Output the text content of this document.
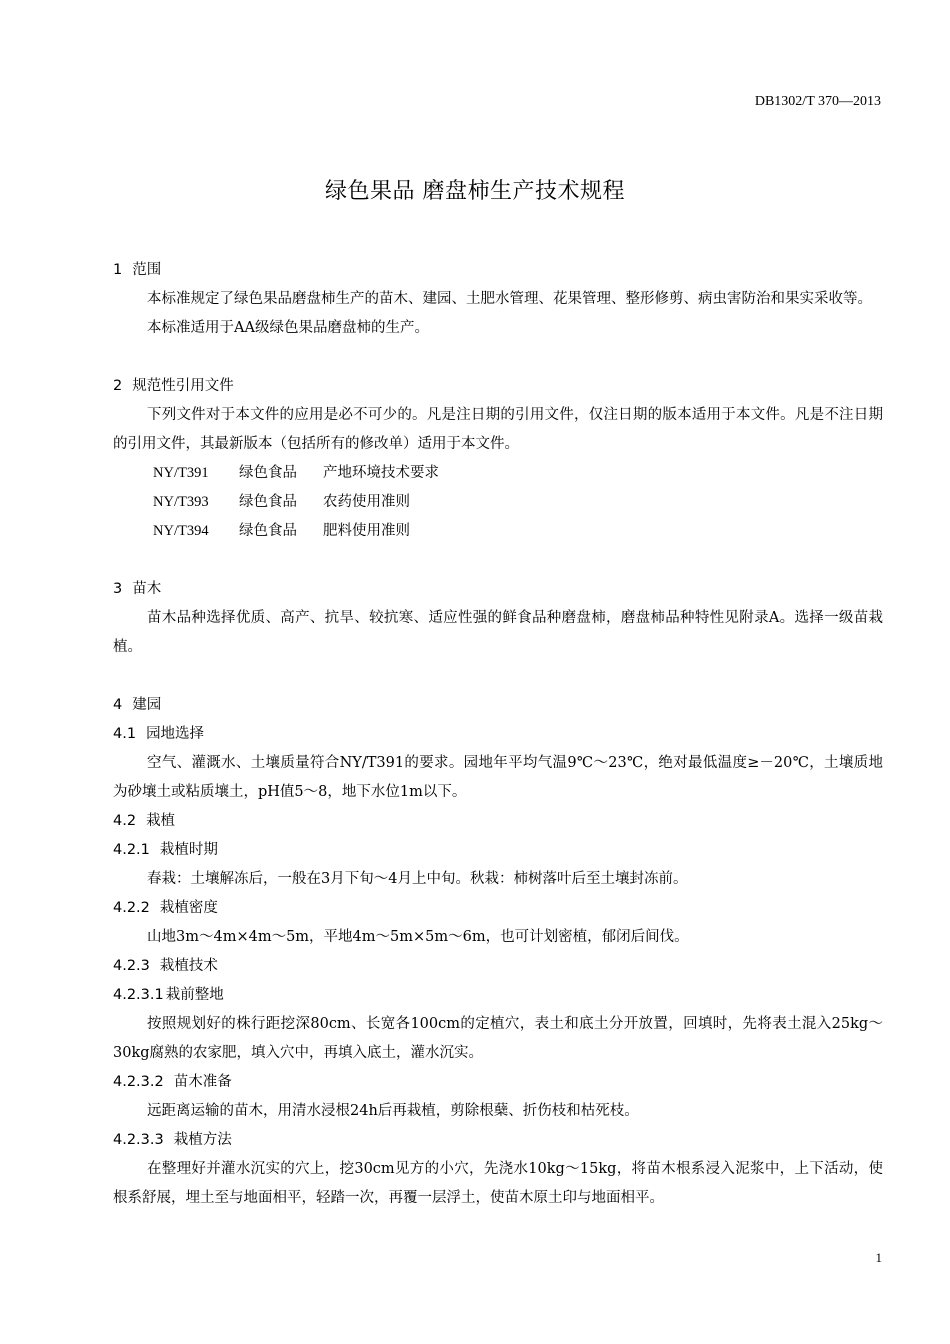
DB1302/T 370—2013
绿色果品 磨盘柿生产技术规程
1 范围
本标准规定了绿色果品磨盘柿生产的苗木、建园、土肥水管理、花果管理、整形修剪、病虫害防治和果实采收等。
本标准适用于AA级绿色果品磨盘柿的生产。
2 规范性引用文件
下列文件对于本文件的应用是必不可少的。凡是注日期的引用文件，仅注日期的版本适用于本文件。凡是不注日期的引用文件，其最新版本（包括所有的修改单）适用于本文件。
NY/T391 绿色食品 产地环境技术要求
NY/T393 绿色食品 农药使用准则
NY/T394 绿色食品 肥料使用准则
3 苗木
苗木品种选择优质、高产、抗旱、较抗寒、适应性强的鲜食品种磨盘柿，磨盘柿品种特性见附录A。选择一级苗栽植。
4 建园
4.1 园地选择
空气、灌溉水、土壤质量符合NY/T391的要求。园地年平均气温9℃～23℃，绝对最低温度≥－20℃，土壤质地为砂壤土或粘质壤土，pH值5～8，地下水位1m以下。
4.2 栽植
4.2.1 栽植时期
春栽：土壤解冻后，一般在3月下旬～4月上中旬。秋栽：柿树落叶后至土壤封冻前。
4.2.2 栽植密度
山地3m～4m×4m～5m，平地4m～5m×5m～6m，也可计划密植，郁闭后间伐。
4.2.3 栽植技术
4.2.3.1 栽前整地
按照规划好的株行距挖深80cm、长宽各100cm的定植穴，表土和底土分开放置，回填时，先将表土混入25kg～30kg腐熟的农家肥，填入穴中，再填入底土，灌水沉实。
4.2.3.2 苗木准备
远距离运输的苗木，用清水浸根24h后再栽植，剪除根蘖、折伤枝和枯死枝。
4.2.3.3 栽植方法
在整理好并灌水沉实的穴上，挖30cm见方的小穴，先浇水10kg～15kg，将苗木根系浸入泥浆中，上下活动，使根系舒展，埋土至与地面相平，轻踏一次，再覆一层浮土，使苗木原土印与地面相平。
1
